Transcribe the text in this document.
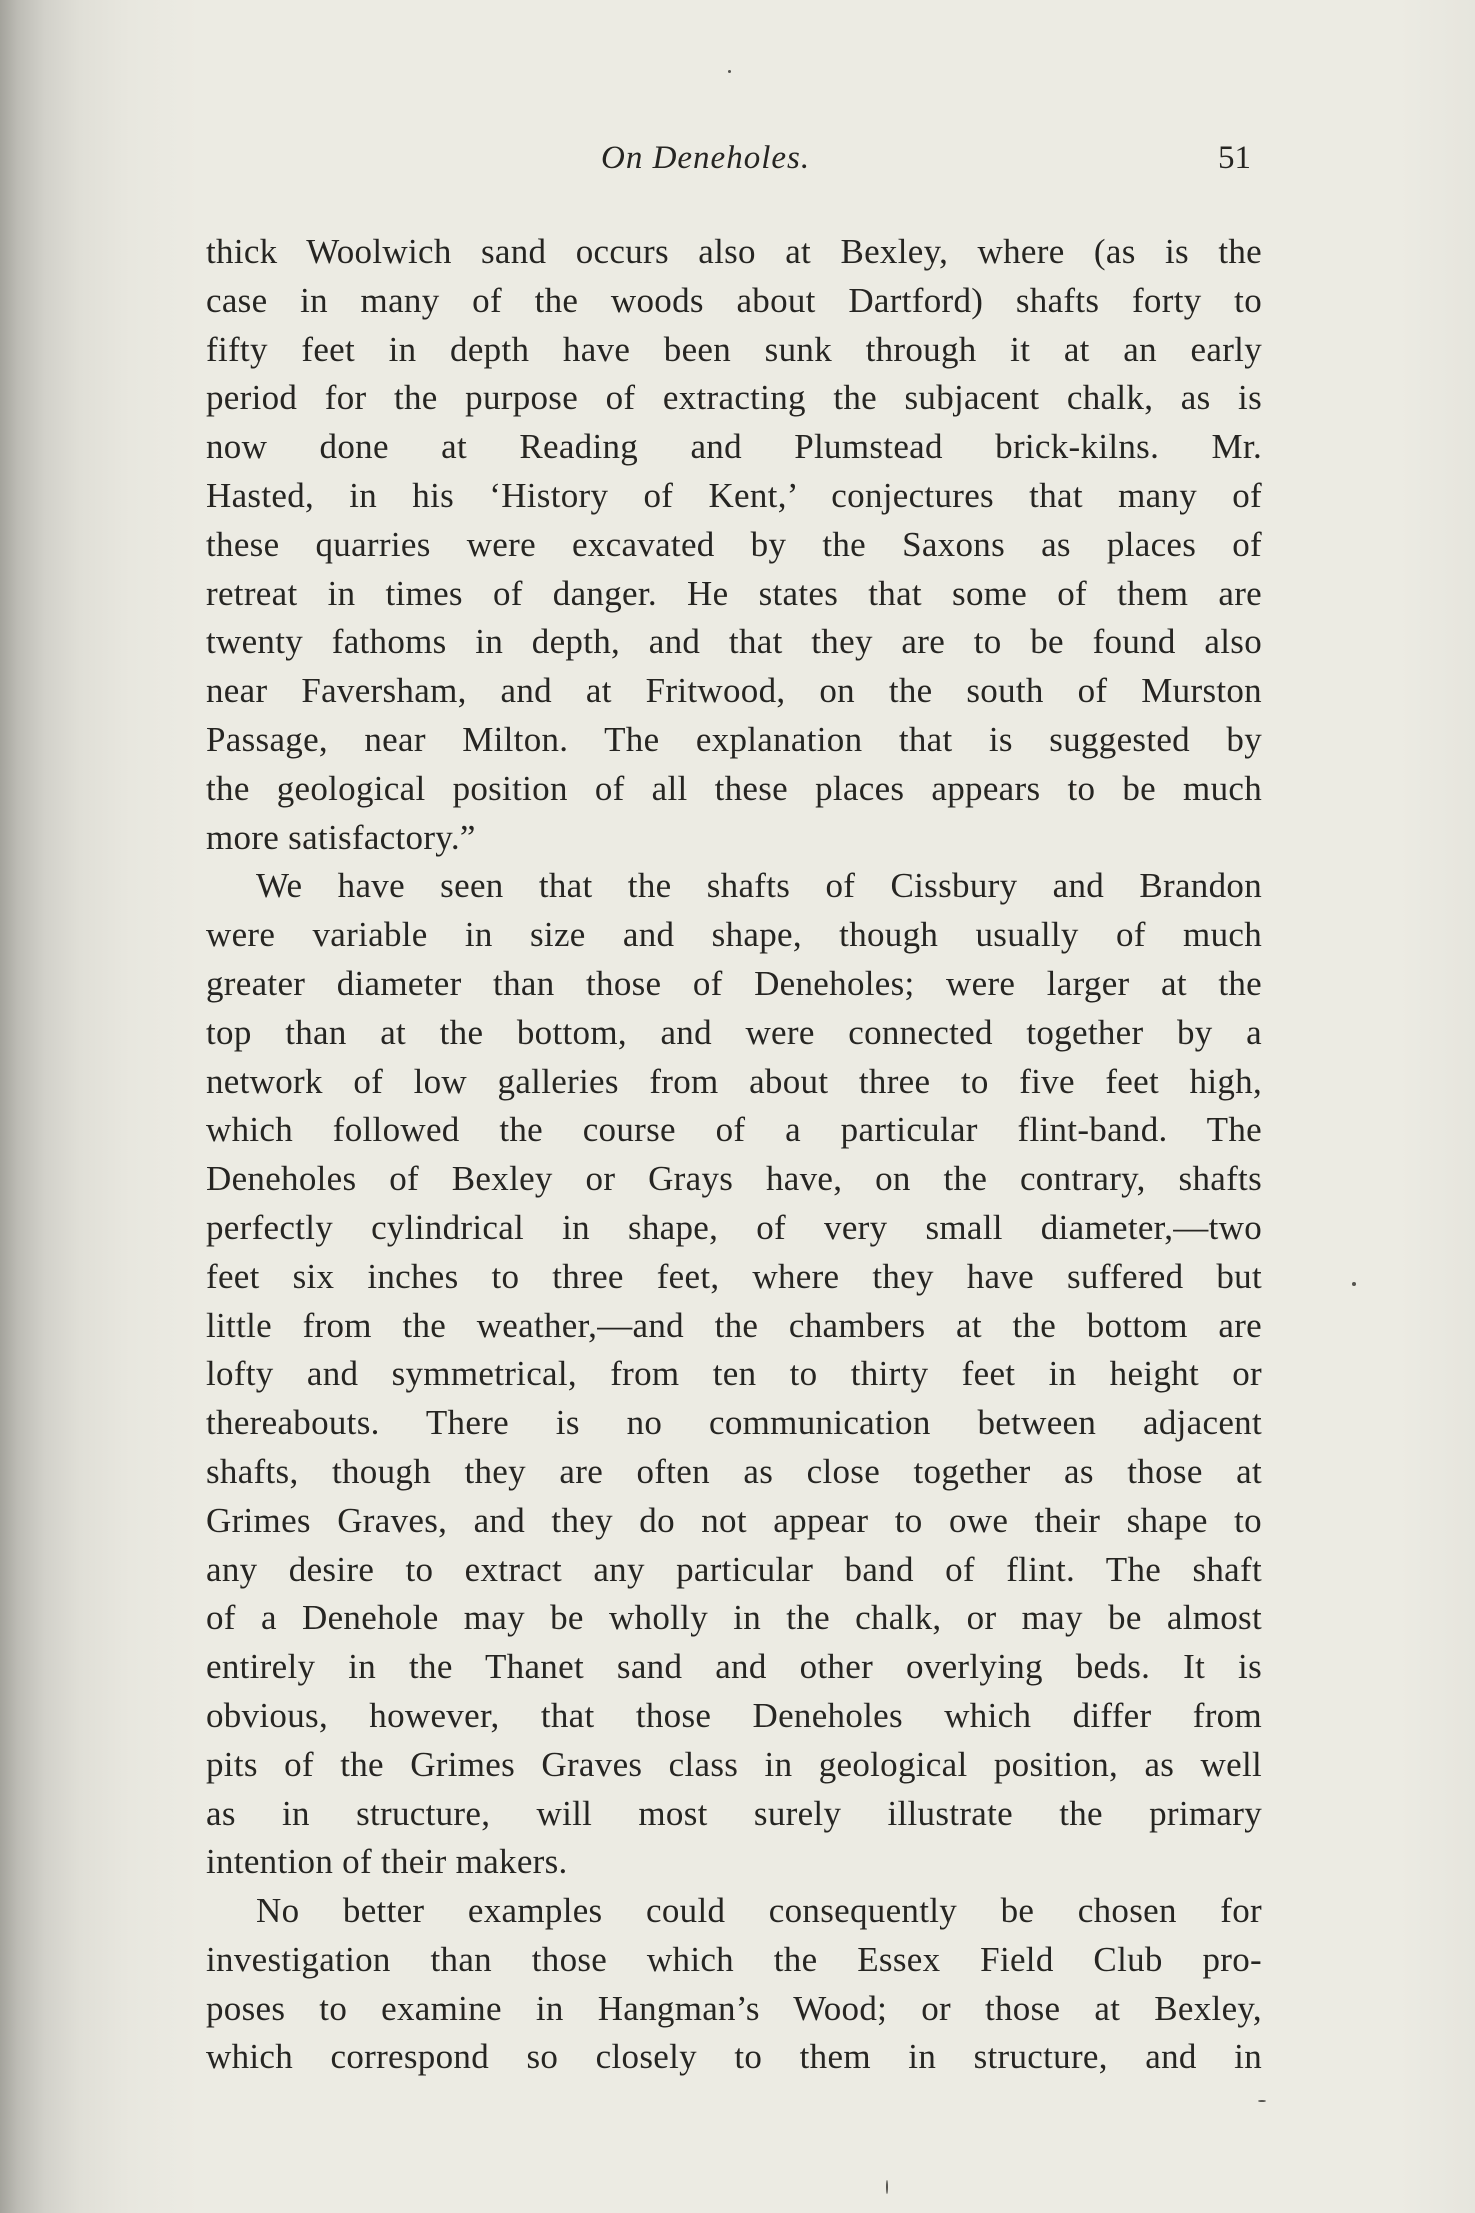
On Deneholes.	51
thick Woolwich sand occurs also at Bexley, where (as is the
case in many of the woods about Dartford) shafts forty to
fifty feet in depth have been sunk through it at an early
period for the purpose of extracting the subjacent chalk, as is
now done at Reading and Plumstead brick-kilns. Mr.
Hasted, in his ‘History of Kent,’ conjectures that many of
these quarries were excavated by the Saxons as places of
retreat in times of danger. He states that some of them are
twenty fathoms in depth, and that they are to be found also
near Faversham, and at Fritwood, on the south of Murston
Passage, near Milton. The explanation that is suggested by
the geological position of all these places appears to be much
more satisfactory.”
We have seen that the shafts of Cissbury and Brandon
were variable in size and shape, though usually of much
greater diameter than those of Deneholes; were larger at the
top than at the bottom, and were connected together by a
network of low galleries from about three to five feet high,
which followed the course of a particular flint-band. The
Deneholes of Bexley or Grays have, on the contrary, shafts
perfectly cylindrical in shape, of very small diameter,—two
feet six inches to three feet, where they have suffered but
little from the weather,—and the chambers at the bottom are
lofty and symmetrical, from ten to thirty feet in height or
thereabouts. There is no communication between adjacent
shafts, though they are often as close together as those at
Grimes Graves, and they do not appear to owe their shape to
any desire to extract any particular band of flint. The shaft
of a Denehole may be wholly in the chalk, or may be almost
entirely in the Thanet sand and other overlying beds. It is
obvious, however, that those Deneholes which differ from
pits of the Grimes Graves class in geological position, as well
as in structure, will most surely illustrate the primary
intention of their makers.
No better examples could consequently be chosen for
investigation than those which the Essex Field Club pro-
poses to examine in Hangman’s Wood; or those at Bexley,
which correspond so closely to them in structure, and in
